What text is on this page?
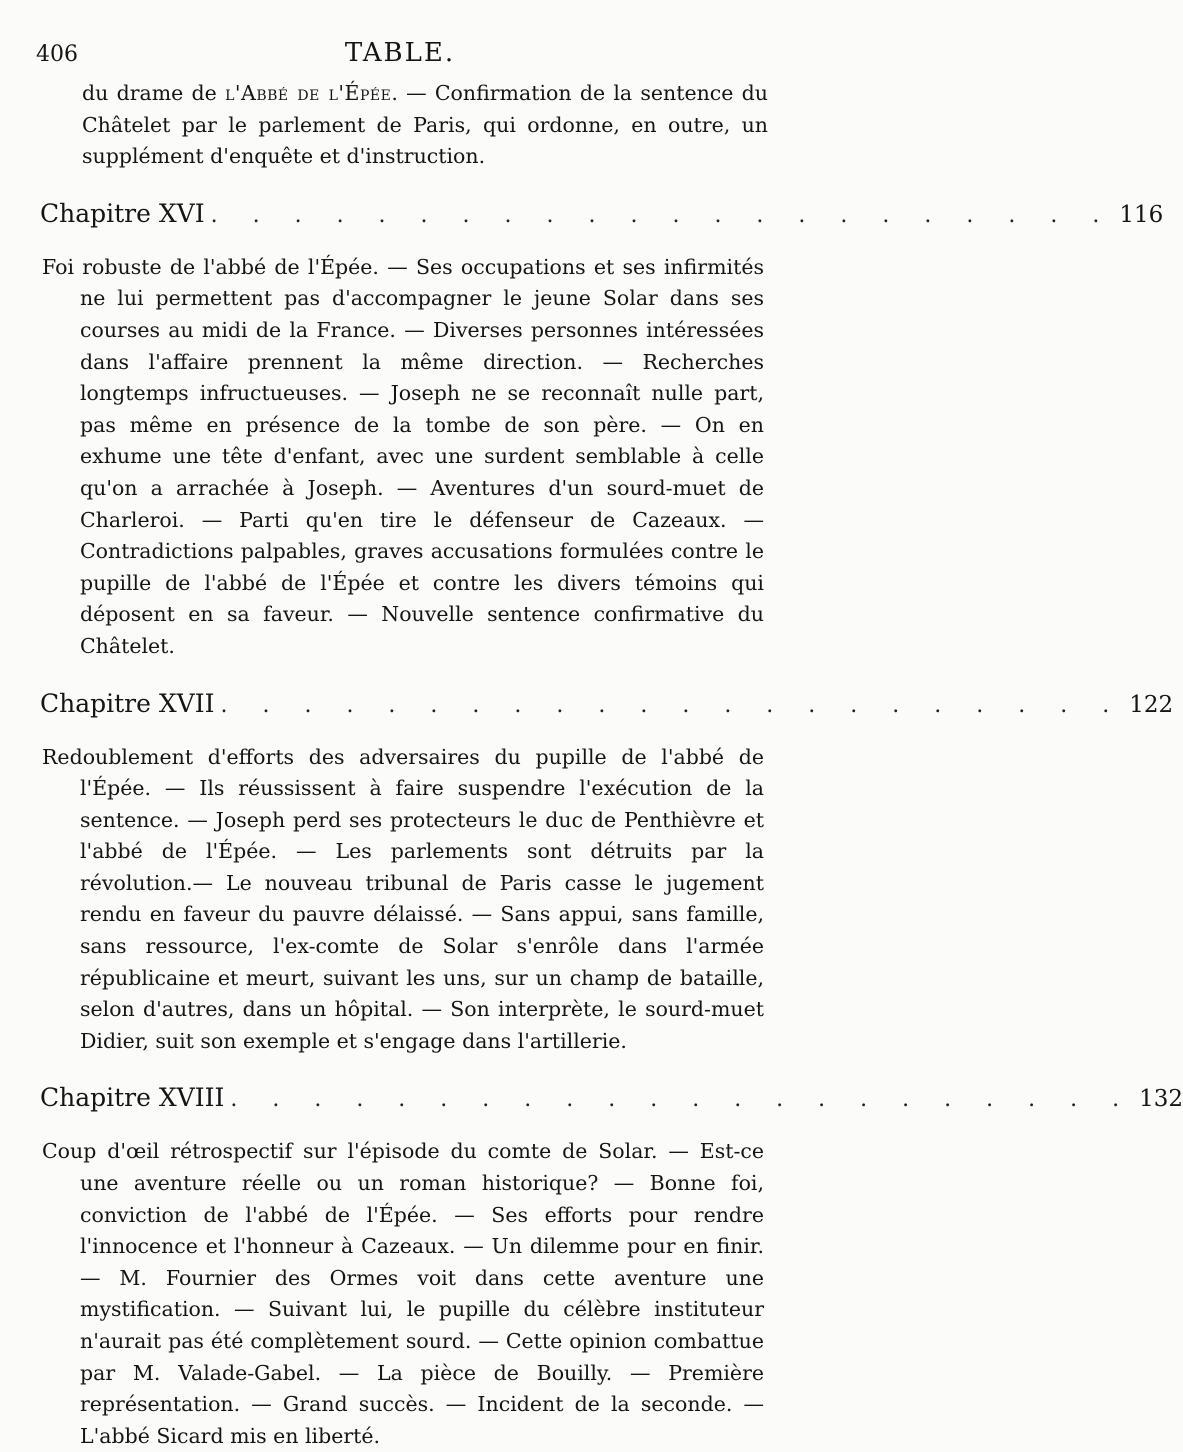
406	TABLE.

du drame de l'Abbé de l'Épée. — Confirmation de la sentence du Châtelet par le parlement de Paris, qui ordonne, en outre, un supplément d'enquête et d'instruction.

Chapitre XVI . . . . . . . . . . . . . . . . . . . . . . 116

Foi robuste de l'abbé de l'Épée. — Ses occupations et ses infirmités ne lui permettent pas d'accompagner le jeune Solar dans ses courses au midi de la France. — Diverses personnes intéressées dans l'affaire prennent la même direction. — Recherches longtemps infructueuses. — Joseph ne se reconnaît nulle part, pas même en présence de la tombe de son père. — On en exhume une tête d'enfant, avec une surdent semblable à celle qu'on a arrachée à Joseph. — Aventures d'un sourd-muet de Charleroi. — Parti qu'en tire le défenseur de Cazeaux. — Contradictions palpables, graves accusations formulées contre le pupille de l'abbé de l'Épée et contre les divers témoins qui déposent en sa faveur. — Nouvelle sentence confirmative du Châtelet.

Chapitre XVII . . . . . . . . . . . . . . . . . . . . . . 122

Redoublement d'efforts des adversaires du pupille de l'abbé de l'Épée. — Ils réussissent à faire suspendre l'exécution de la sentence. — Joseph perd ses protecteurs le duc de Penthièvre et l'abbé de l'Épée. — Les parlements sont détruits par la révolution.— Le nouveau tribunal de Paris casse le jugement rendu en faveur du pauvre délaissé. — Sans appui, sans famille, sans ressource, l'ex-comte de Solar s'enrôle dans l'armée républicaine et meurt, suivant les uns, sur un champ de bataille, selon d'autres, dans un hôpital. — Son interprète, le sourd-muet Didier, suit son exemple et s'engage dans l'artillerie.

Chapitre XVIII . . . . . . . . . . . . . . . . . . . . . . 132

Coup d'œil rétrospectif sur l'épisode du comte de Solar. — Est-ce une aventure réelle ou un roman historique? — Bonne foi, conviction de l'abbé de l'Épée. — Ses efforts pour rendre l'innocence et l'honneur à Cazeaux. — Un dilemme pour en finir. — M. Fournier des Ormes voit dans cette aventure une mystification. — Suivant lui, le pupille du célèbre instituteur n'aurait pas été complètement sourd. — Cette opinion combattue par M. Valade-Gabel. — La pièce de Bouilly. — Première représentation. — Grand succès. — Incident de la seconde. — L'abbé Sicard mis en liberté.
